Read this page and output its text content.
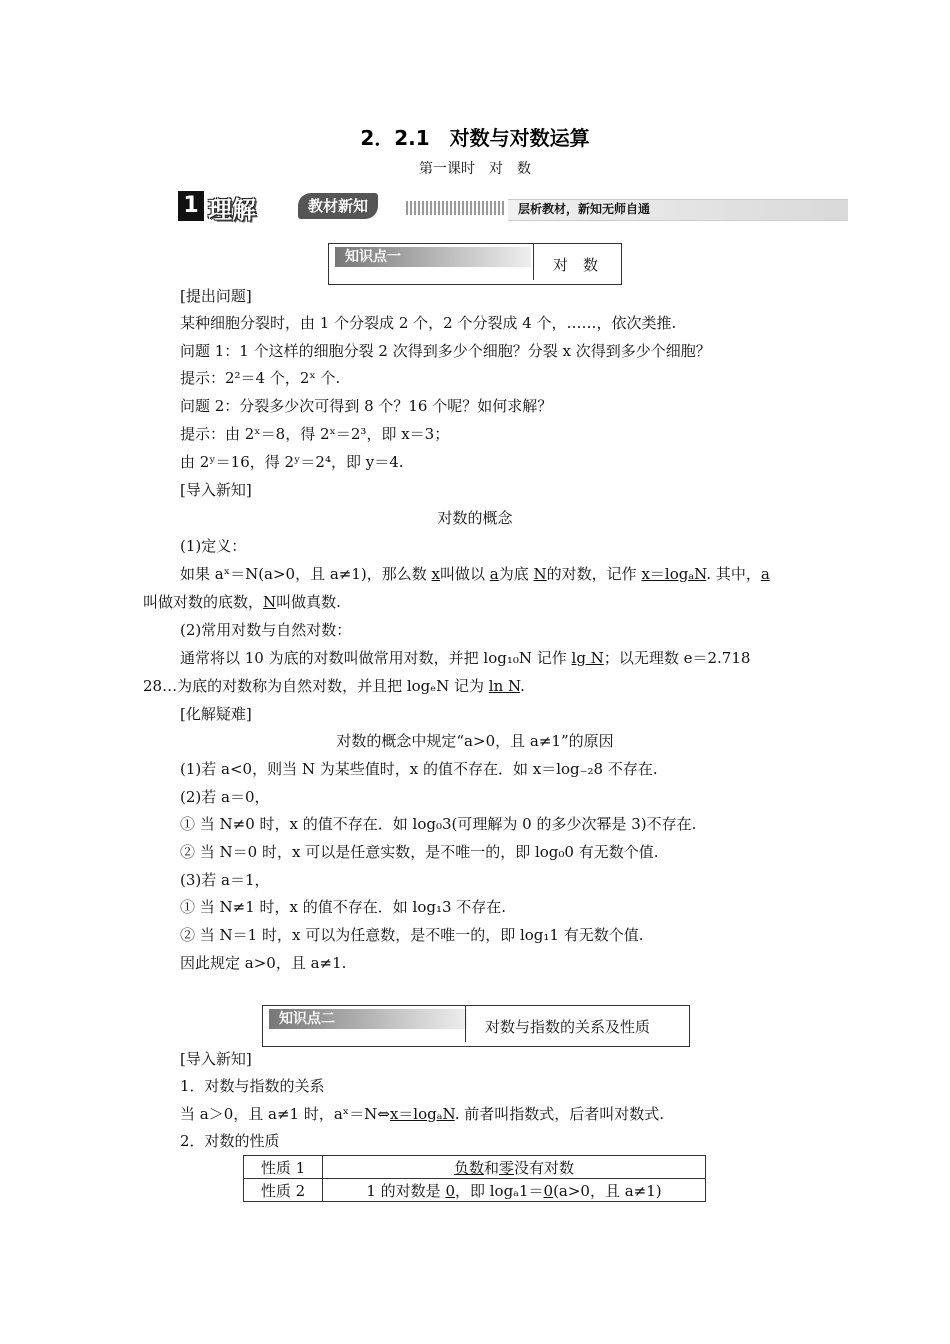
2．2.1　对数与对数运算
第一课时　对　数
1 理解	教材新知	层析教材，新知无师自通
知识点一	对　数
[提出问题]
某种细胞分裂时，由 1 个分裂成 2 个，2 个分裂成 4 个，……，依次类推.
问题 1：1 个这样的细胞分裂 2 次得到多少个细胞？分裂 x 次得到多少个细胞？
提示：2²＝4 个，2ˣ 个.
问题 2：分裂多少次可得到 8 个？16 个呢？如何求解？
提示：由 2ˣ＝8，得 2ˣ＝2³，即 x＝3；
由 2ʸ＝16，得 2ʸ＝2⁴，即 y＝4.
[导入新知]
对数的概念
(1)定义：
如果 aˣ＝N(a>0，且 a≠1)，那么数 x叫做以 a为底 N的对数，记作 x＝logₐN. 其中，a
叫做对数的底数，N叫做真数.
(2)常用对数与自然对数：
通常将以 10 为底的对数叫做常用对数，并把 log₁₀N 记作 lg N；以无理数 e＝2.718
28…为底的对数称为自然对数，并且把 logₑN 记为 ln N.
[化解疑难]
对数的概念中规定“a>0，且 a≠1”的原因
(1)若 a<0，则当 N 为某些值时，x 的值不存在．如 x＝log₋₂8 不存在.
(2)若 a＝0，
① 当 N≠0 时，x 的值不存在．如 log₀3(可理解为 0 的多少次幂是 3)不存在.
② 当 N＝0 时，x 可以是任意实数，是不唯一的，即 log₀0 有无数个值.
(3)若 a＝1，
① 当 N≠1 时，x 的值不存在．如 log₁3 不存在.
② 当 N＝1 时，x 可以为任意数，是不唯一的，即 log₁1 有无数个值.
因此规定 a>0，且 a≠1.
知识点二	对数与指数的关系及性质
[导入新知]
1．对数与指数的关系
当 a＞0，且 a≠1 时，aˣ＝N⇔x＝logₐN. 前者叫指数式，后者叫对数式.
2．对数的性质
性质 1	负数和零没有对数
性质 2	1 的对数是 0，即 logₐ1＝0(a>0，且 a≠1)
